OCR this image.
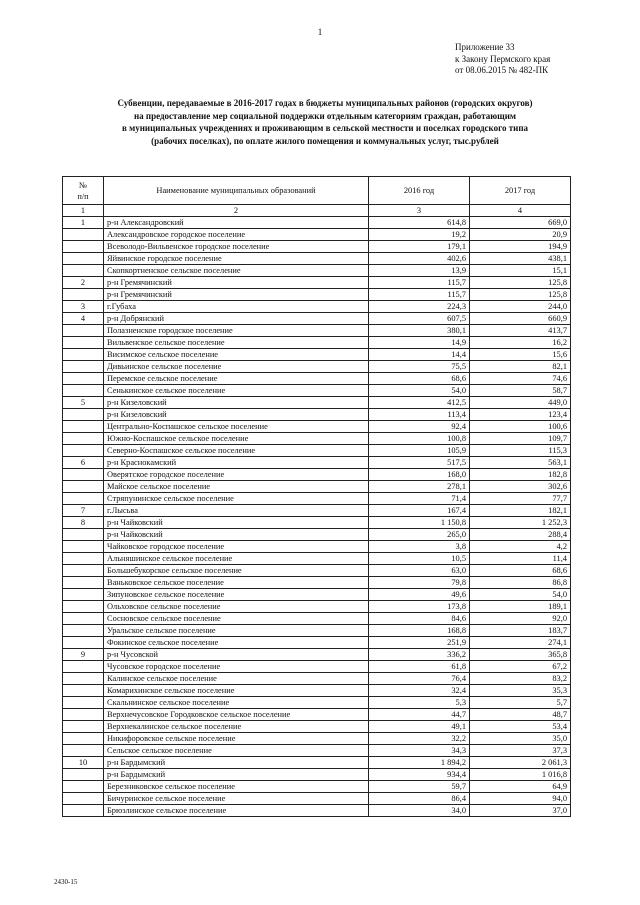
1
Приложение 33
к Закону Пермского края
от 08.06.2015 № 482-ПК
Субвенции, передаваемые в 2016-2017 годах в бюджеты муниципальных районов (городских округов)
на предоставление мер социальной поддержки отдельным категориям граждан, работающим
в муниципальных учреждениях и проживающим в сельской местности и поселках городского типа
(рабочих поселках), по оплате жилого помещения и коммунальных услуг, тыс.рублей
№
п/п	Наименование муниципальных образований	2016 год	2017 год
1	2	3	4
1	р-н Александровский	614,8	669,0
	Александровское городское поселение	19,2	20,9
	Всеволодо-Вильвенское городское поселение	179,1	194,9
	Яйвинское городское поселение	402,6	438,1
	Скопкортненское сельское поселение	13,9	15,1
2	р-н Гремячинский	115,7	125,8
	р-н Гремячинский	115,7	125,8
3	г.Губаха	224,3	244,0
4	р-н Добрянский	607,5	660,9
	Полазненское городское поселение	380,1	413,7
	Вильвенское сельское поселение	14,9	16,2
	Висимское сельское поселение	14,4	15,6
	Дивьинское сельское поселение	75,5	82,1
	Перемское сельское поселение	68,6	74,6
	Сенькинское сельское поселение	54,0	58,7
5	р-н Кизеловский	412,5	449,0
	р-н Кизеловский	113,4	123,4
	Центрально-Коспашское сельское поселение	92,4	100,6
	Южно-Коспашское сельское поселение	100,8	109,7
	Северно-Коспашское сельское поселение	105,9	115,3
6	р-н Краснокамский	517,5	563,1
	Оверятское городское поселение	168,0	182,8
	Майское сельское поселение	278,1	302,6
	Стряпунинское сельское поселение	71,4	77,7
7	г.Лысьва	167,4	182,1
8	р-н Чайковский	1 150,8	1 252,3
	р-н Чайковский	265,0	288,4
	Чайковское городское поселение	3,8	4,2
	Альняшинское сельское поселение	10,5	11,4
	Большебукорское сельское поселение	63,0	68,6
	Ваньковское сельское поселение	79,8	86,8
	Зипуновское сельское поселение	49,6	54,0
	Ольховское сельское поселение	173,8	189,1
	Сосновское сельское поселение	84,6	92,0
	Уральское сельское поселение	168,8	183,7
	Фокинское сельское поселение	251,9	274,1
9	р-н Чусовской	336,2	365,8
	Чусовское городское поселение	61,8	67,2
	Калинское сельское поселение	76,4	83,2
	Комарихинское сельское поселение	32,4	35,3
	Скальнинское сельское поселение	5,3	5,7
	Верхнечусовское Городковское сельское поселение	44,7	48,7
	Верхнекалинское сельское поселение	49,1	53,4
	Никифоровское сельское поселение	32,2	35,0
	Сельское сельское поселение	34,3	37,3
10	р-н Бардымский	1 894,2	2 061,3
	р-н Бардымский	934,4	1 016,8
	Березниковское сельское поселение	59,7	64,9
	Бичуринское сельское поселение	86,4	94,0
	Брюзлинское сельское поселение	34,0	37,0
2430-15
